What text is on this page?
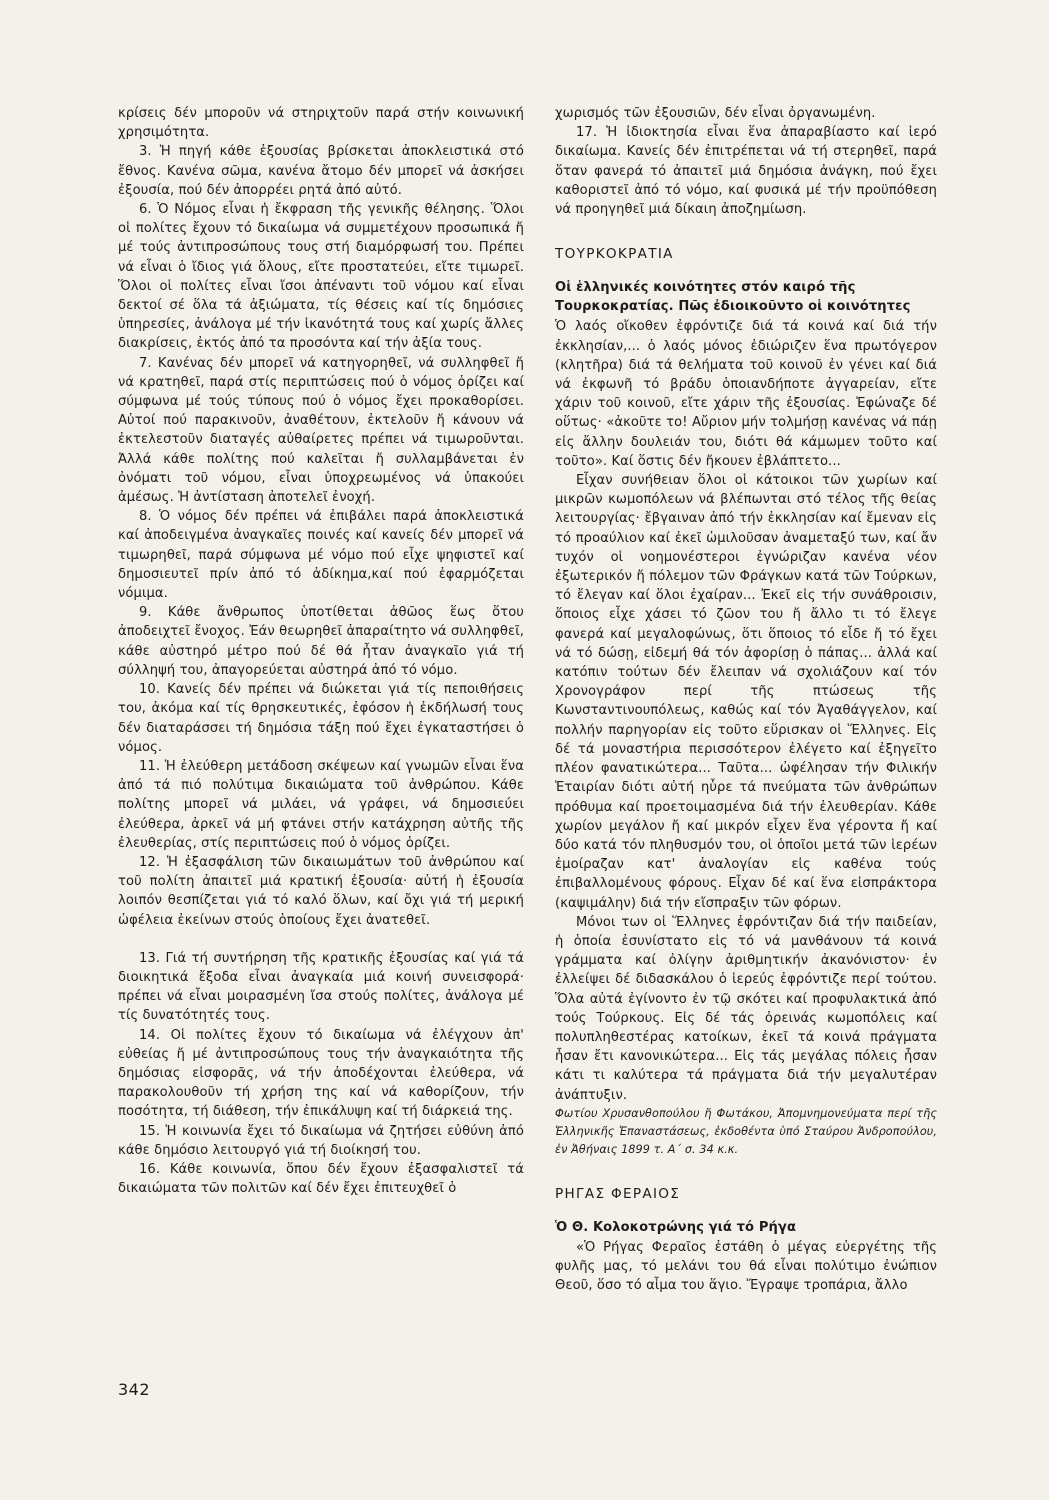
κρίσεις δέν μποροῦν νά στηριχτοῦν παρά στήν κοινωνική χρησιμότητα.

3. Ἡ πηγή κάθε ἐξουσίας βρίσκεται ἀποκλειστικά στό ἔθνος. Κανένα σῶμα, κανένα ἄτομο δέν μπορεῖ νά ἀσκήσει ἐξουσία, πού δέν ἀπορρέει ρητά ἀπό αὐτό.

6. Ὁ Νόμος εἶναι ἡ ἔκφραση τῆς γενικῆς θέλησης. Ὅλοι οἱ πολίτες ἔχουν τό δικαίωμα νά συμμετέχουν προσωπικά ἤ μέ τούς ἀντιπροσώπους τους στή διαμόρφωσή του. Πρέπει νά εἶναι ὁ ἴδιος γιά ὅλους, εἴτε προστατεύει, εἴτε τιμωρεῖ. Ὅλοι οἱ πολίτες εἶναι ἴσοι ἀπέναντι τοῦ νόμου καί εἶναι δεκτοί σέ ὅλα τά ἀξιώματα, τίς θέσεις καί τίς δημόσιες ὑπηρεσίες, ἀνάλογα μέ τήν ἱκανότητά τους καί χωρίς ἄλλες διακρίσεις, ἐκτός ἀπό τα προσόντα καί τήν ἀξία τους.

7. Κανένας δέν μπορεῖ νά κατηγορηθεῖ, νά συλληφθεῖ ἤ νά κρατηθεῖ, παρά στίς περιπτώσεις πού ὁ νόμος ὁρίζει καί σύμφωνα μέ τούς τύπους πού ὁ νόμος ἔχει προκαθορίσει. Αὐτοί πού παρακινοῦν, ἀναθέτουν, ἐκτελοῦν ἤ κάνουν νά ἐκτελεστοῦν διαταγές αὐθαίρετες πρέπει νά τιμωροῦνται. Ἀλλά κάθε πολίτης πού καλεῖται ἤ συλλαμβάνεται ἐν ὀνόματι τοῦ νόμου, εἶναι ὑποχρεωμένος νά ὑπακούει ἀμέσως. Ἡ ἀντίσταση ἀποτελεῖ ἐνοχή.

8. Ὁ νόμος δέν πρέπει νά ἐπιβάλει παρά ἀποκλειστικά καί ἀποδειγμένα ἀναγκαῖες ποινές καί κανείς δέν μπορεῖ νά τιμωρηθεῖ, παρά σύμφωνα μέ νόμο πού εἶχε ψηφιστεῖ καί δημοσιευτεῖ πρίν ἀπό τό ἀδίκημα,καί πού ἐφαρμόζεται νόμιμα.

9. Κάθε ἄνθρωπος ὑποτίθεται ἀθῶος ἕως ὅτου ἀποδειχτεῖ ἔνοχος. Ἐάν θεωρηθεῖ ἀπαραίτητο νά συλληφθεῖ, κάθε αὐστηρό μέτρο πού δέ θά ἦταν ἀναγκαῖο γιά τή σύλληψή του, ἀπαγορεύεται αὐστηρά ἀπό τό νόμο.

10. Κανείς δέν πρέπει νά διώκεται γιά τίς πεποιθήσεις του, ἀκόμα καί τίς θρησκευτικές, ἐφόσον ἡ ἐκδήλωσή τους δέν διαταράσσει τή δημόσια τάξη πού ἔχει ἐγκαταστήσει ὁ νόμος.

11. Ἡ ἐλεύθερη μετάδοση σκέψεων καί γνωμῶν εἶναι ἕνα ἀπό τά πιό πολύτιμα δικαιώματα τοῦ ἀνθρώπου. Κάθε πολίτης μπορεῖ νά μιλάει, νά γράφει, νά δημοσιεύει ἐλεύθερα, ἀρκεῖ νά μή φτάνει στήν κατάχρηση αὐτῆς τῆς ἐλευθερίας, στίς περιπτώσεις πού ὁ νόμος ὁρίζει.

12. Ἡ ἐξασφάλιση τῶν δικαιωμάτων τοῦ ἀνθρώπου καί τοῦ πολίτη ἀπαιτεῖ μιά κρατική ἐξουσία· αὐτή ἡ ἐξουσία λοιπόν θεσπίζεται γιά τό καλό ὅλων, καί ὄχι γιά τή μερική ὠφέλεια ἐκείνων στούς ὁποίους ἔχει ἀνατεθεῖ.

13. Γιά τή συντήρηση τῆς κρατικῆς ἐξουσίας καί γιά τά διοικητικά ἔξοδα εἶναι ἀναγκαία μιά κοινή συνεισφορά· πρέπει νά εἶναι μοιρασμένη ἴσα στούς πολίτες, ἀνάλογα μέ τίς δυνατότητές τους.

14. Οἱ πολίτες ἔχουν τό δικαίωμα νά ἐλέγχουν ἀπ' εὐθείας ἤ μέ ἀντιπροσώπους τους τήν ἀναγκαιότητα τῆς δημόσιας εἰσφορᾶς, νά τήν ἀποδέχονται ἐλεύθερα, νά παρακολουθοῦν τή χρήση της καί νά καθορίζουν, τήν ποσότητα, τή διάθεση, τήν ἐπικάλυψη καί τή διάρκειά της.

15. Ἡ κοινωνία ἔχει τό δικαίωμα νά ζητήσει εὐθύνη ἀπό κάθε δημόσιο λειτουργό γιά τή διοίκησή του.

16. Κάθε κοινωνία, ὅπου δέν ἔχουν ἐξασφαλιστεῖ τά δικαιώματα τῶν πολιτῶν καί δέν ἔχει ἐπιτευχθεῖ ὁ

χωρισμός τῶν ἐξουσιῶν, δέν εἶναι ὀργανωμένη.

17. Ἡ ἰδιοκτησία εἶναι ἕνα ἀπαραβίαστο καί ἱερό δικαίωμα. Κανείς δέν ἐπιτρέπεται νά τή στερηθεῖ, παρά ὅταν φανερά τό ἀπαιτεῖ μιά δημόσια ἀνάγκη, πού ἔχει καθοριστεῖ ἀπό τό νόμο, καί φυσικά μέ τήν προϋπόθεση νά προηγηθεῖ μιά δίκαιη ἀποζημίωση.

ΤΟΥΡΚΟΚΡΑΤΙΑ
Οἱ ἑλληνικές κοινότητες στόν καιρό τῆς Τουρκοκρατίας. Πῶς ἐδιοικοῦντο οἱ κοινότητες

Ὁ λαός οἴκοθεν ἐφρόντιζε διά τά κοινά καί διά τήν ἐκκλησίαν,... ὁ λαός μόνος ἐδιώριζεν ἕνα πρωτόγερον (κλητῆρα) διά τά θελήματα τοῦ κοινοῦ ἐν γένει καί διά νά ἐκφωνῆ τό βράδυ ὁποιανδήποτε ἀγγαρείαν, εἴτε χάριν τοῦ κοινοῦ, εἴτε χάριν τῆς ἐξουσίας. Ἐφώναζε δέ οὕτως· «ἀκοῦτε το! Αὔριον μήν τολμήσῃ κανένας νά πάῃ εἰς ἄλλην δουλειάν του, διότι θά κάμωμεν τοῦτο καί τοῦτο». Καί ὅστις δέν ἤκουεν ἐβλάπτετο...

Εἶχαν συνήθειαν ὅλοι οἱ κάτοικοι τῶν χωρίων καί μικρῶν κωμοπόλεων νά βλέπωνται στό τέλος τῆς θείας λειτουργίας· ἔβγαιναν ἀπό τήν ἐκκλησίαν καί ἔμεναν εἰς τό προαύλιον καί ἐκεῖ ὡμιλοῦσαν ἀναμεταξύ των, καί ἄν τυχόν οἱ νοημονέστεροι ἐγνώριζαν κανένα νέον ἐξωτερικόν ἤ πόλεμον τῶν Φράγκων κατά τῶν Τούρκων, τό ἔλεγαν καί ὅλοι ἐχαίραν... Ἐκεῖ εἰς τήν συνάθροισιν, ὅποιος εἶχε χάσει τό ζῶον του ἤ ἄλλο τι τό ἔλεγε φανερά καί μεγαλοφώνως, ὅτι ὅποιος τό εἶδε ἤ τό ἔχει νά τό δώσῃ, εἰδεμή θά τόν ἀφορίσῃ ὁ πάπας... ἀλλά καί κατόπιν τούτων δέν ἔλειπαν νά σχολιάζουν καί τόν Χρονογράφον περί τῆς πτώσεως τῆς Κωνσταντινουπόλεως, καθώς καί τόν Ἀγαθάγγελον, καί πολλήν παρηγορίαν εἰς τοῦτο εὕρισκαν οἱ Ἕλληνες. Εἰς δέ τά μοναστήρια περισσότερον ἐλέγετο καί ἐξηγεῖτο πλέον φανατικώτερα... Ταῦτα... ὠφέλησαν τήν Φιλικήν Ἑταιρίαν διότι αὐτή ηὗρε τά πνεύματα τῶν ἀνθρώπων πρόθυμα καί προετοιμασμένα διά τήν ἐλευθερίαν. Κάθε χωρίον μεγάλον ἤ καί μικρόν εἶχεν ἕνα γέροντα ἤ καί δύο κατά τόν πληθυσμόν του, οἱ ὁποῖοι μετά τῶν ἱερέων ἐμοίραζαν κατ' ἀναλογίαν εἰς καθένα τούς ἐπιβαλλομένους φόρους. Εἶχαν δέ καί ἕνα εἰσπράκτορα (καψιμάλην) διά τήν εἴσπραξιν τῶν φόρων.

Μόνοι των οἱ Ἕλληνες ἐφρόντιζαν διά τήν παιδείαν, ἡ ὁποία ἐσυνίστατο εἰς τό νά μανθάνουν τά κοινά γράμματα καί ὀλίγην ἀριθμητικήν ἀκανόνιστον· ἐν ἐλλείψει δέ διδασκάλου ὁ ἱερεύς ἐφρόντιζε περί τούτου. Ὅλα αὐτά ἐγίνοντο ἐν τῷ σκότει καί προφυλακτικά ἀπό τούς Τούρκους. Εἰς δέ τάς ὀρεινάς κωμοπόλεις καί πολυπληθεστέρας κατοίκων, ἐκεῖ τά κοινά πράγματα ἦσαν ἔτι κανονικώτερα... Εἰς τάς μεγάλας πόλεις ἦσαν κάτι τι καλύτερα τά πράγματα διά τήν μεγαλυτέραν ἀνάπτυξιν.

Φωτίου Χρυσανθοπούλου ἤ Φωτάκου, Ἀπομνημονεύματα περί τῆς Ἑλληνικῆς Ἐπαναστάσεως, ἐκδοθέντα ὑπό Σταύρου Ἀνδροπούλου, ἐν Ἀθήναις 1899 τ. Α΄ σ. 34 κ.κ.

ΡΗΓΑΣ ΦΕΡΑΙΟΣ
Ὁ Θ. Κολοκοτρώνης γιά τό Ρήγα

«Ὁ Ρήγας Φεραῖος ἐστάθη ὁ μέγας εὐεργέτης τῆς φυλῆς μας, τό μελάνι του θά εἶναι πολύτιμο ἐνώπιον Θεοῦ, ὅσο τό αἷμα του ἅγιο. Ἔγραψε τροπάρια, ἄλλο

342
